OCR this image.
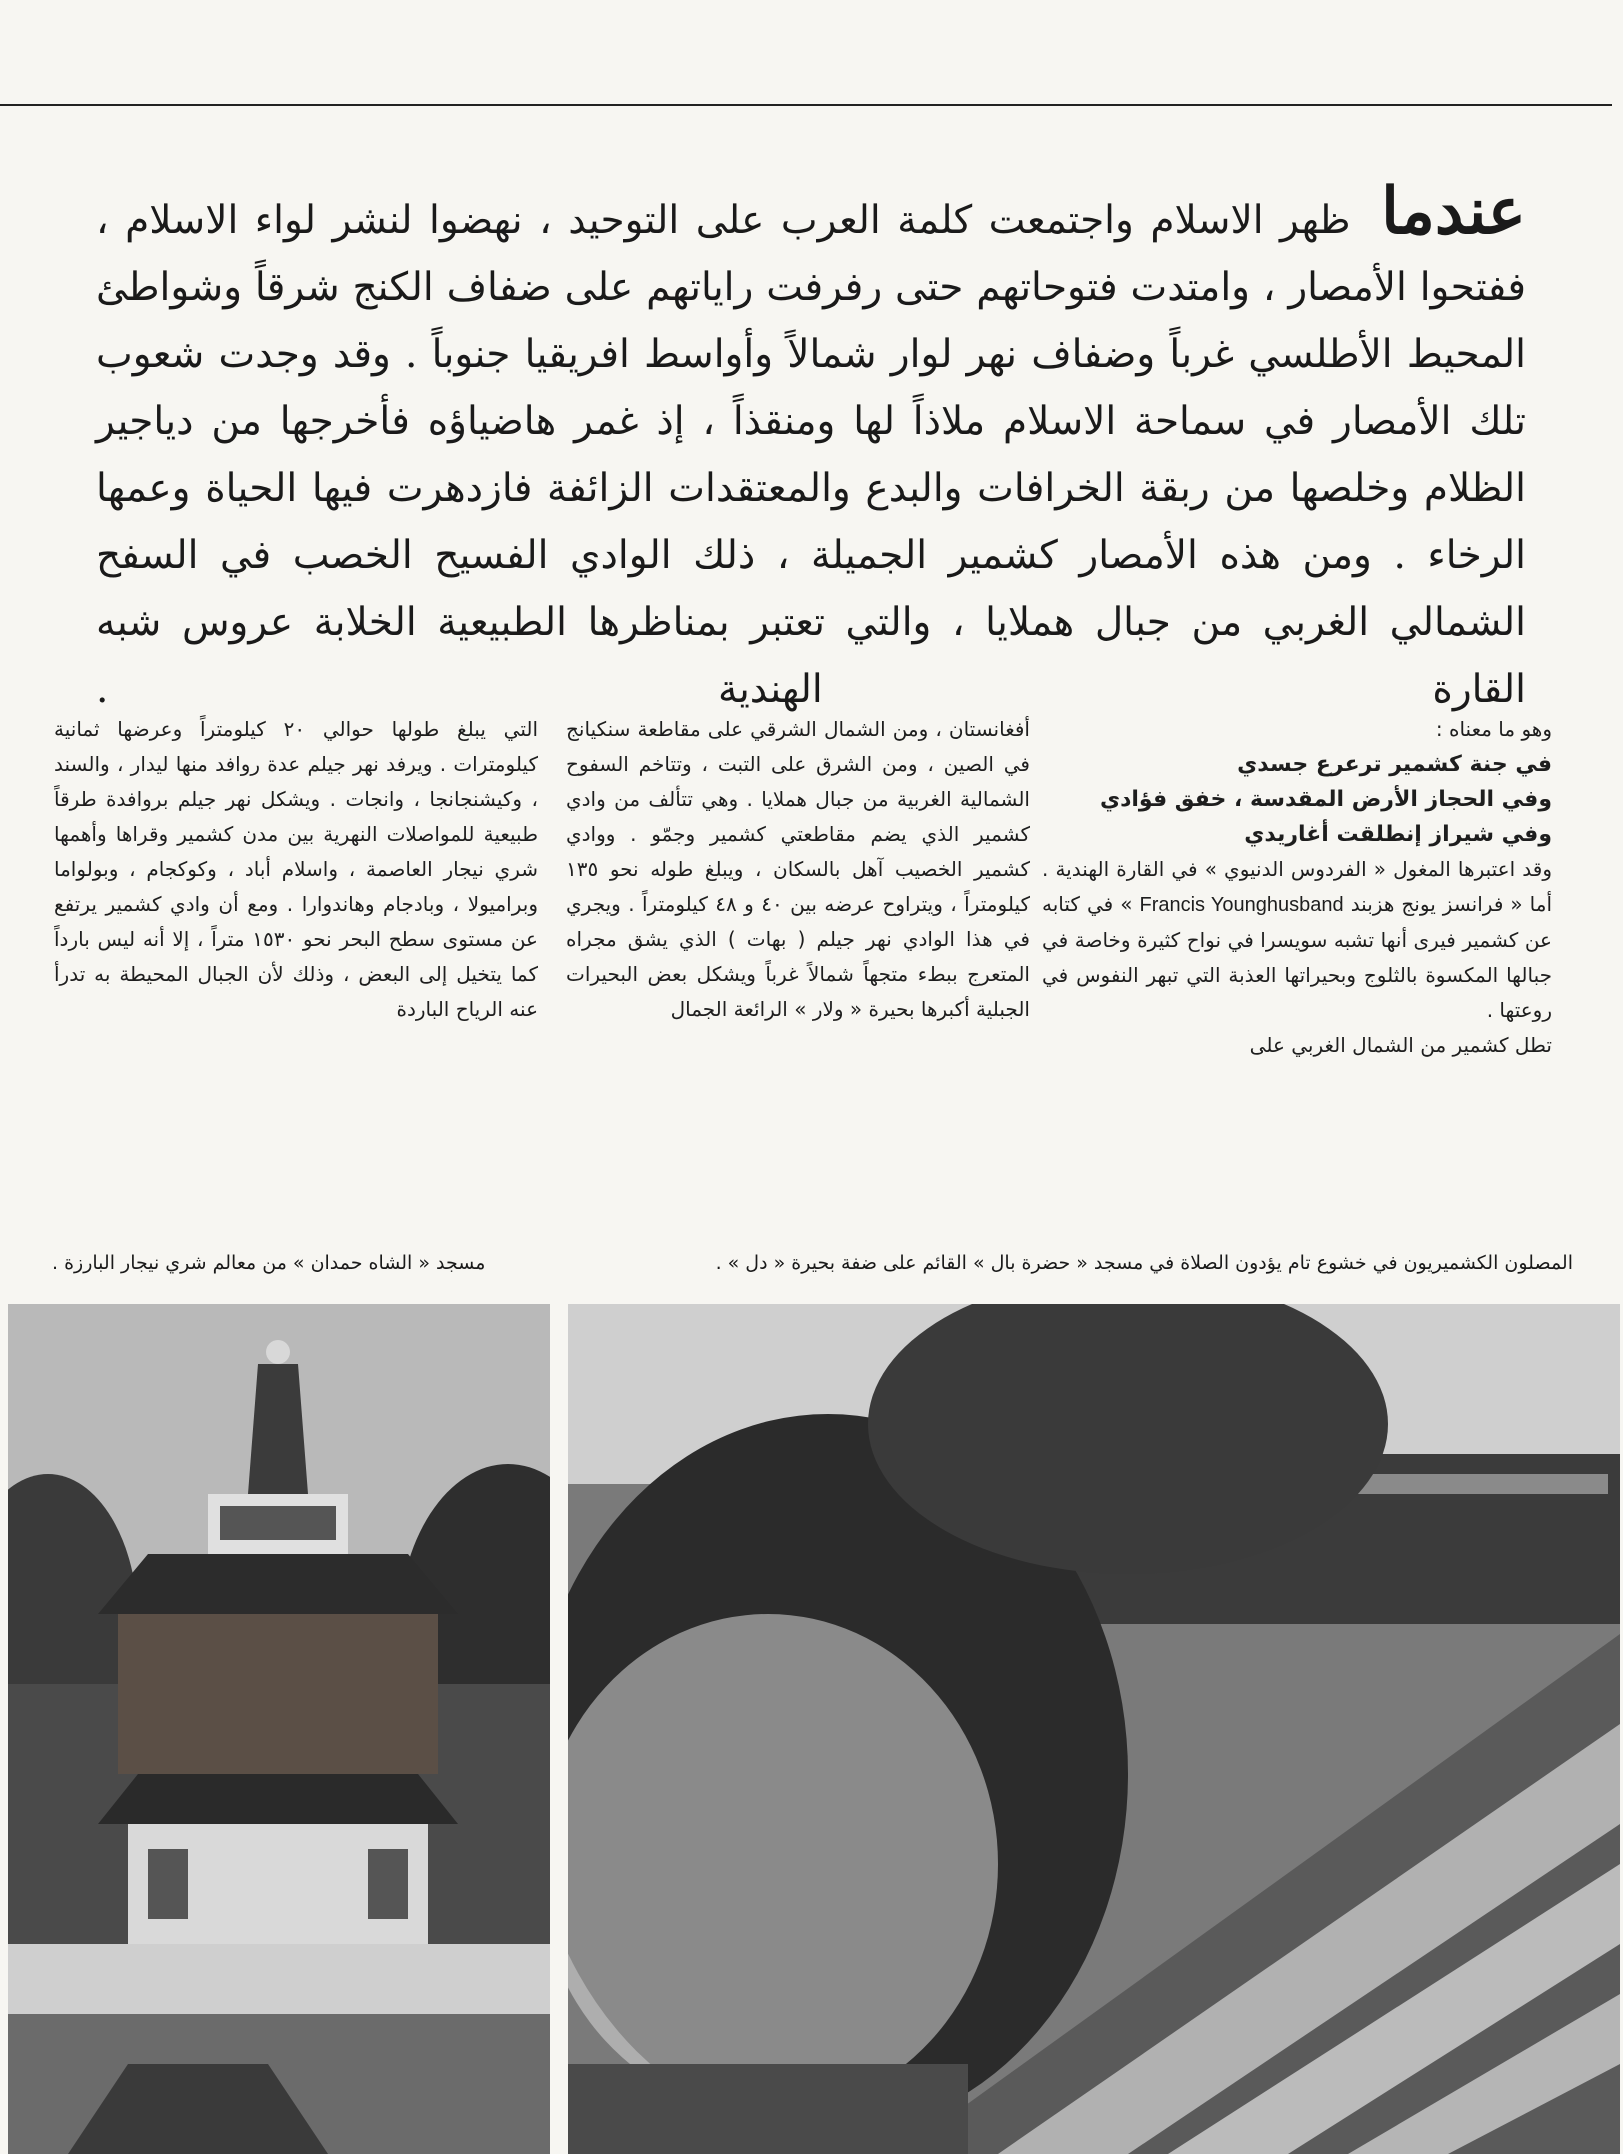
عندما ظهر الاسلام واجتمعت كلمة العرب على التوحيد ، نهضوا لنشر لواء الاسلام ، ففتحوا الأمصار ، وامتدت فتوحاتهم حتى رفرفت راياتهم على ضفاف الكنج شرقاً وشواطئ المحيط الأطلسي غرباً وضفاف نهر لوار شمالاً وأواسط افريقيا جنوباً . وقد وجدت شعوب تلك الأمصار في سماحة الاسلام ملاذاً لها ومنقذاً ، إذ غمر هاضياؤه فأخرجها من دياجير الظلام وخلصها من ربقة الخرافات والبدع والمعتقدات الزائفة فازدهرت فيها الحياة وعمها الرخاء . ومن هذه الأمصار كشمير الجميلة ، ذلك الوادي الفسيح الخصب في السفح الشمالي الغربي من جبال هملايا ، والتي تعتبر بمناظرها الطبيعية الخلابة عروس شبه القارة الهندية .

وهو ما معناه :

في جنة كشمير ترعرع جسدي

وفي الحجاز الأرض المقدسة ، خفق فؤادي

وفي شيراز إنطلقت أغاريدي

وقد اعتبرها المغول « الفردوس الدنيوي » في القارة الهندية . أما « فرانسز يونج هزبند Francis Younghusband » في كتابه عن كشمير فيرى أنها تشبه سويسرا في نواح كثيرة وخاصة في جبالها المكسوة بالثلوج وبحيراتها العذبة التي تبهر النفوس في روعتها .

تطل كشمير من الشمال الغربي على

أفغانستان ، ومن الشمال الشرقي على مقاطعة سنكيانج في الصين ، ومن الشرق على التبت ، وتتاخم السفوح الشمالية الغربية من جبال هملايا . وهي تتألف من وادي كشمير الذي يضم مقاطعتي كشمير وجمّو . ووادي كشمير الخصيب آهل بالسكان ، ويبلغ طوله نحو ١٣٥ كيلومتراً ، ويتراوح عرضه بين ٤٠ و ٤٨ كيلومتراً . ويجري في هذا الوادي نهر جيلم ( بهات ) الذي يشق مجراه المتعرج ببطء متجهاً شمالاً غرباً ويشكل بعض البحيرات الجبلية أكبرها بحيرة « ولار » الرائعة الجمال

التي يبلغ طولها حوالي ٢٠ كيلومتراً وعرضها ثمانية كيلومترات . ويرفد نهر جيلم عدة روافد منها ليدار ، والسند ، وكيشنجانجا ، وانجات . ويشكل نهر جيلم بروافدة طرقاً طبيعية للمواصلات النهرية بين مدن كشمير وقراها وأهمها شري نيجار العاصمة ، واسلام أباد ، وكوكجام ، وبولواما وبراميولا ، وبادجام وهاندوارا . ومع أن وادي كشمير يرتفع عن مستوى سطح البحر نحو ١٥٣٠ متراً ، إلا أنه ليس بارداً كما يتخيل إلى البعض ، وذلك لأن الجبال المحيطة به تدرأ عنه الرياح الباردة

المصلون الكشميريون في خشوع تام يؤدون الصلاة في مسجد « حضرة بال » القائم على ضفة بحيرة « دل » .
مسجد « الشاه حمدان » من معالم شري نيجار البارزة .
